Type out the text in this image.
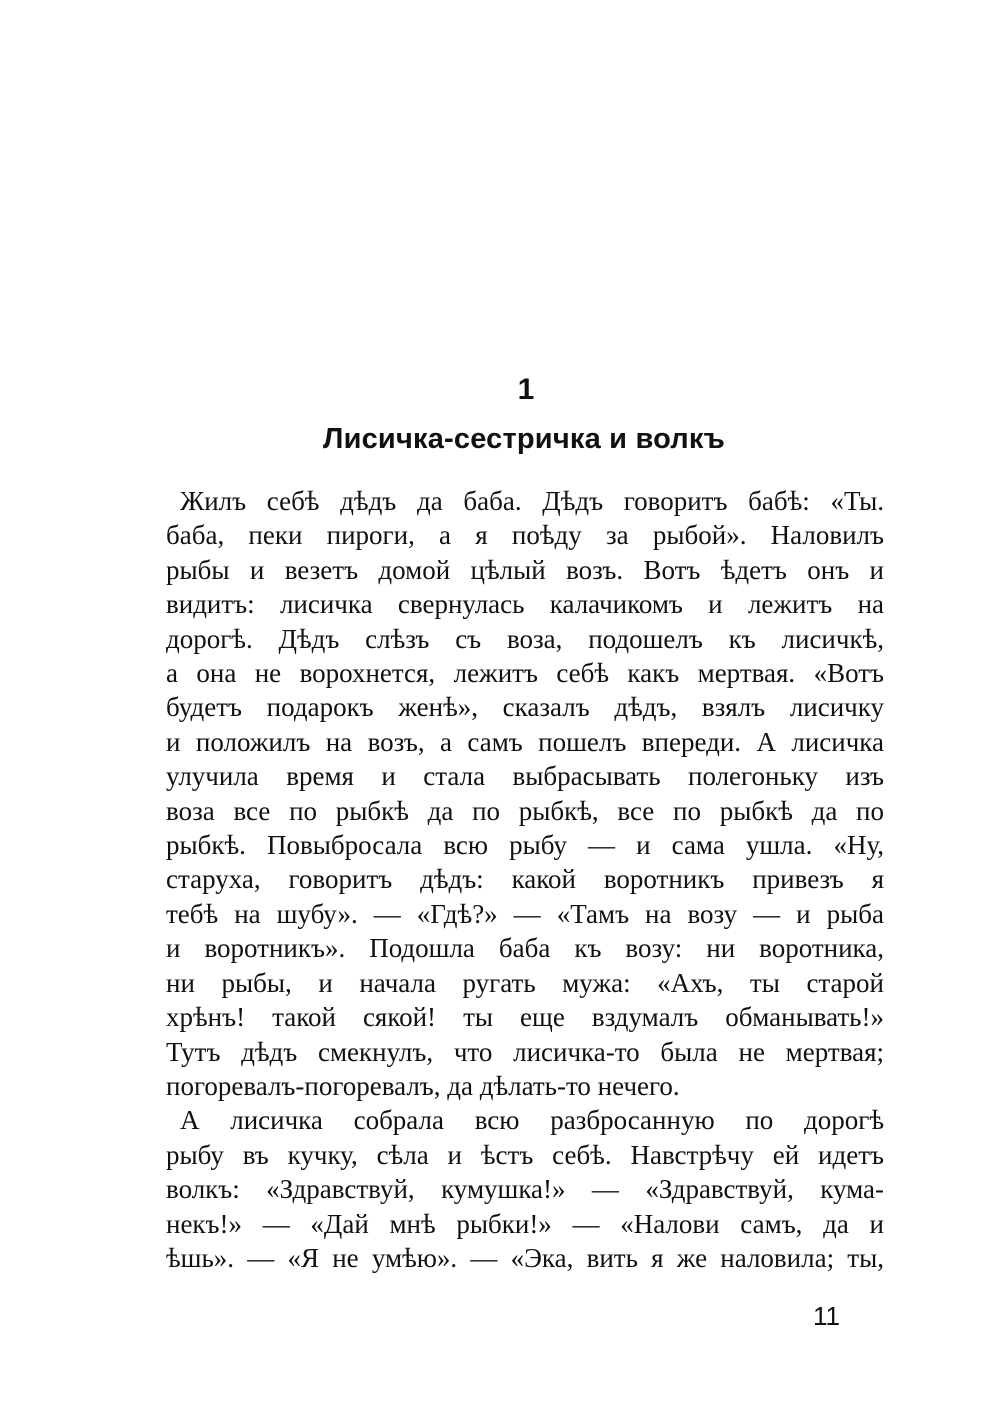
1
Лисичка-сестричка и волкъ

Жилъ себѣ дѣдъ да баба. Дѣдъ говоритъ бабѣ: «Ты.
баба, пеки пироги, а я поѣду за рыбой». Наловилъ
рыбы и везетъ домой цѣлый возъ. Вотъ ѣдетъ онъ и
видитъ: лисичка свернулась калачикомъ и лежитъ на
дорогѣ. Дѣдъ слѣзъ съ воза, подошелъ къ лисичкѣ,
а она не ворохнется, лежитъ себѣ какъ мертвая. «Вотъ
будетъ подарокъ женѣ», сказалъ дѣдъ, взялъ лисичку
и положилъ на возъ, а самъ пошелъ впереди. А лисичка
улучила время и стала выбрасывать полегоньку изъ
воза все по рыбкѣ да по рыбкѣ, все по рыбкѣ да по
рыбкѣ. Повыбросала всю рыбу — и сама ушла. «Ну,
старуха, говоритъ дѣдъ: какой воротникъ привезъ я
тебѣ на шубу». — «Гдѣ?» — «Тамъ на возу — и рыба
и воротникъ». Подошла баба къ возу: ни воротника,
ни рыбы, и начала ругать мужа: «Ахъ, ты старой
хрѣнъ! такой сякой! ты еще вздумалъ обманывать!»
Тутъ дѣдъ смекнулъ, что лисичка-то была не мертвая;
погоревалъ-погоревалъ, да дѣлать-то нечего.

А лисичка собрала всю разбросанную по дорогѣ
рыбу въ кучку, сѣла и ѣстъ себѣ. Навстрѣчу ей идетъ
волкъ: «Здравствуй, кумушка!» — «Здравствуй, кума-
некъ!» — «Дай мнѣ рыбки!» — «Налови самъ, да и
ѣшь». — «Я не умѣю». — «Эка, вить я же наловила; ты,

11
